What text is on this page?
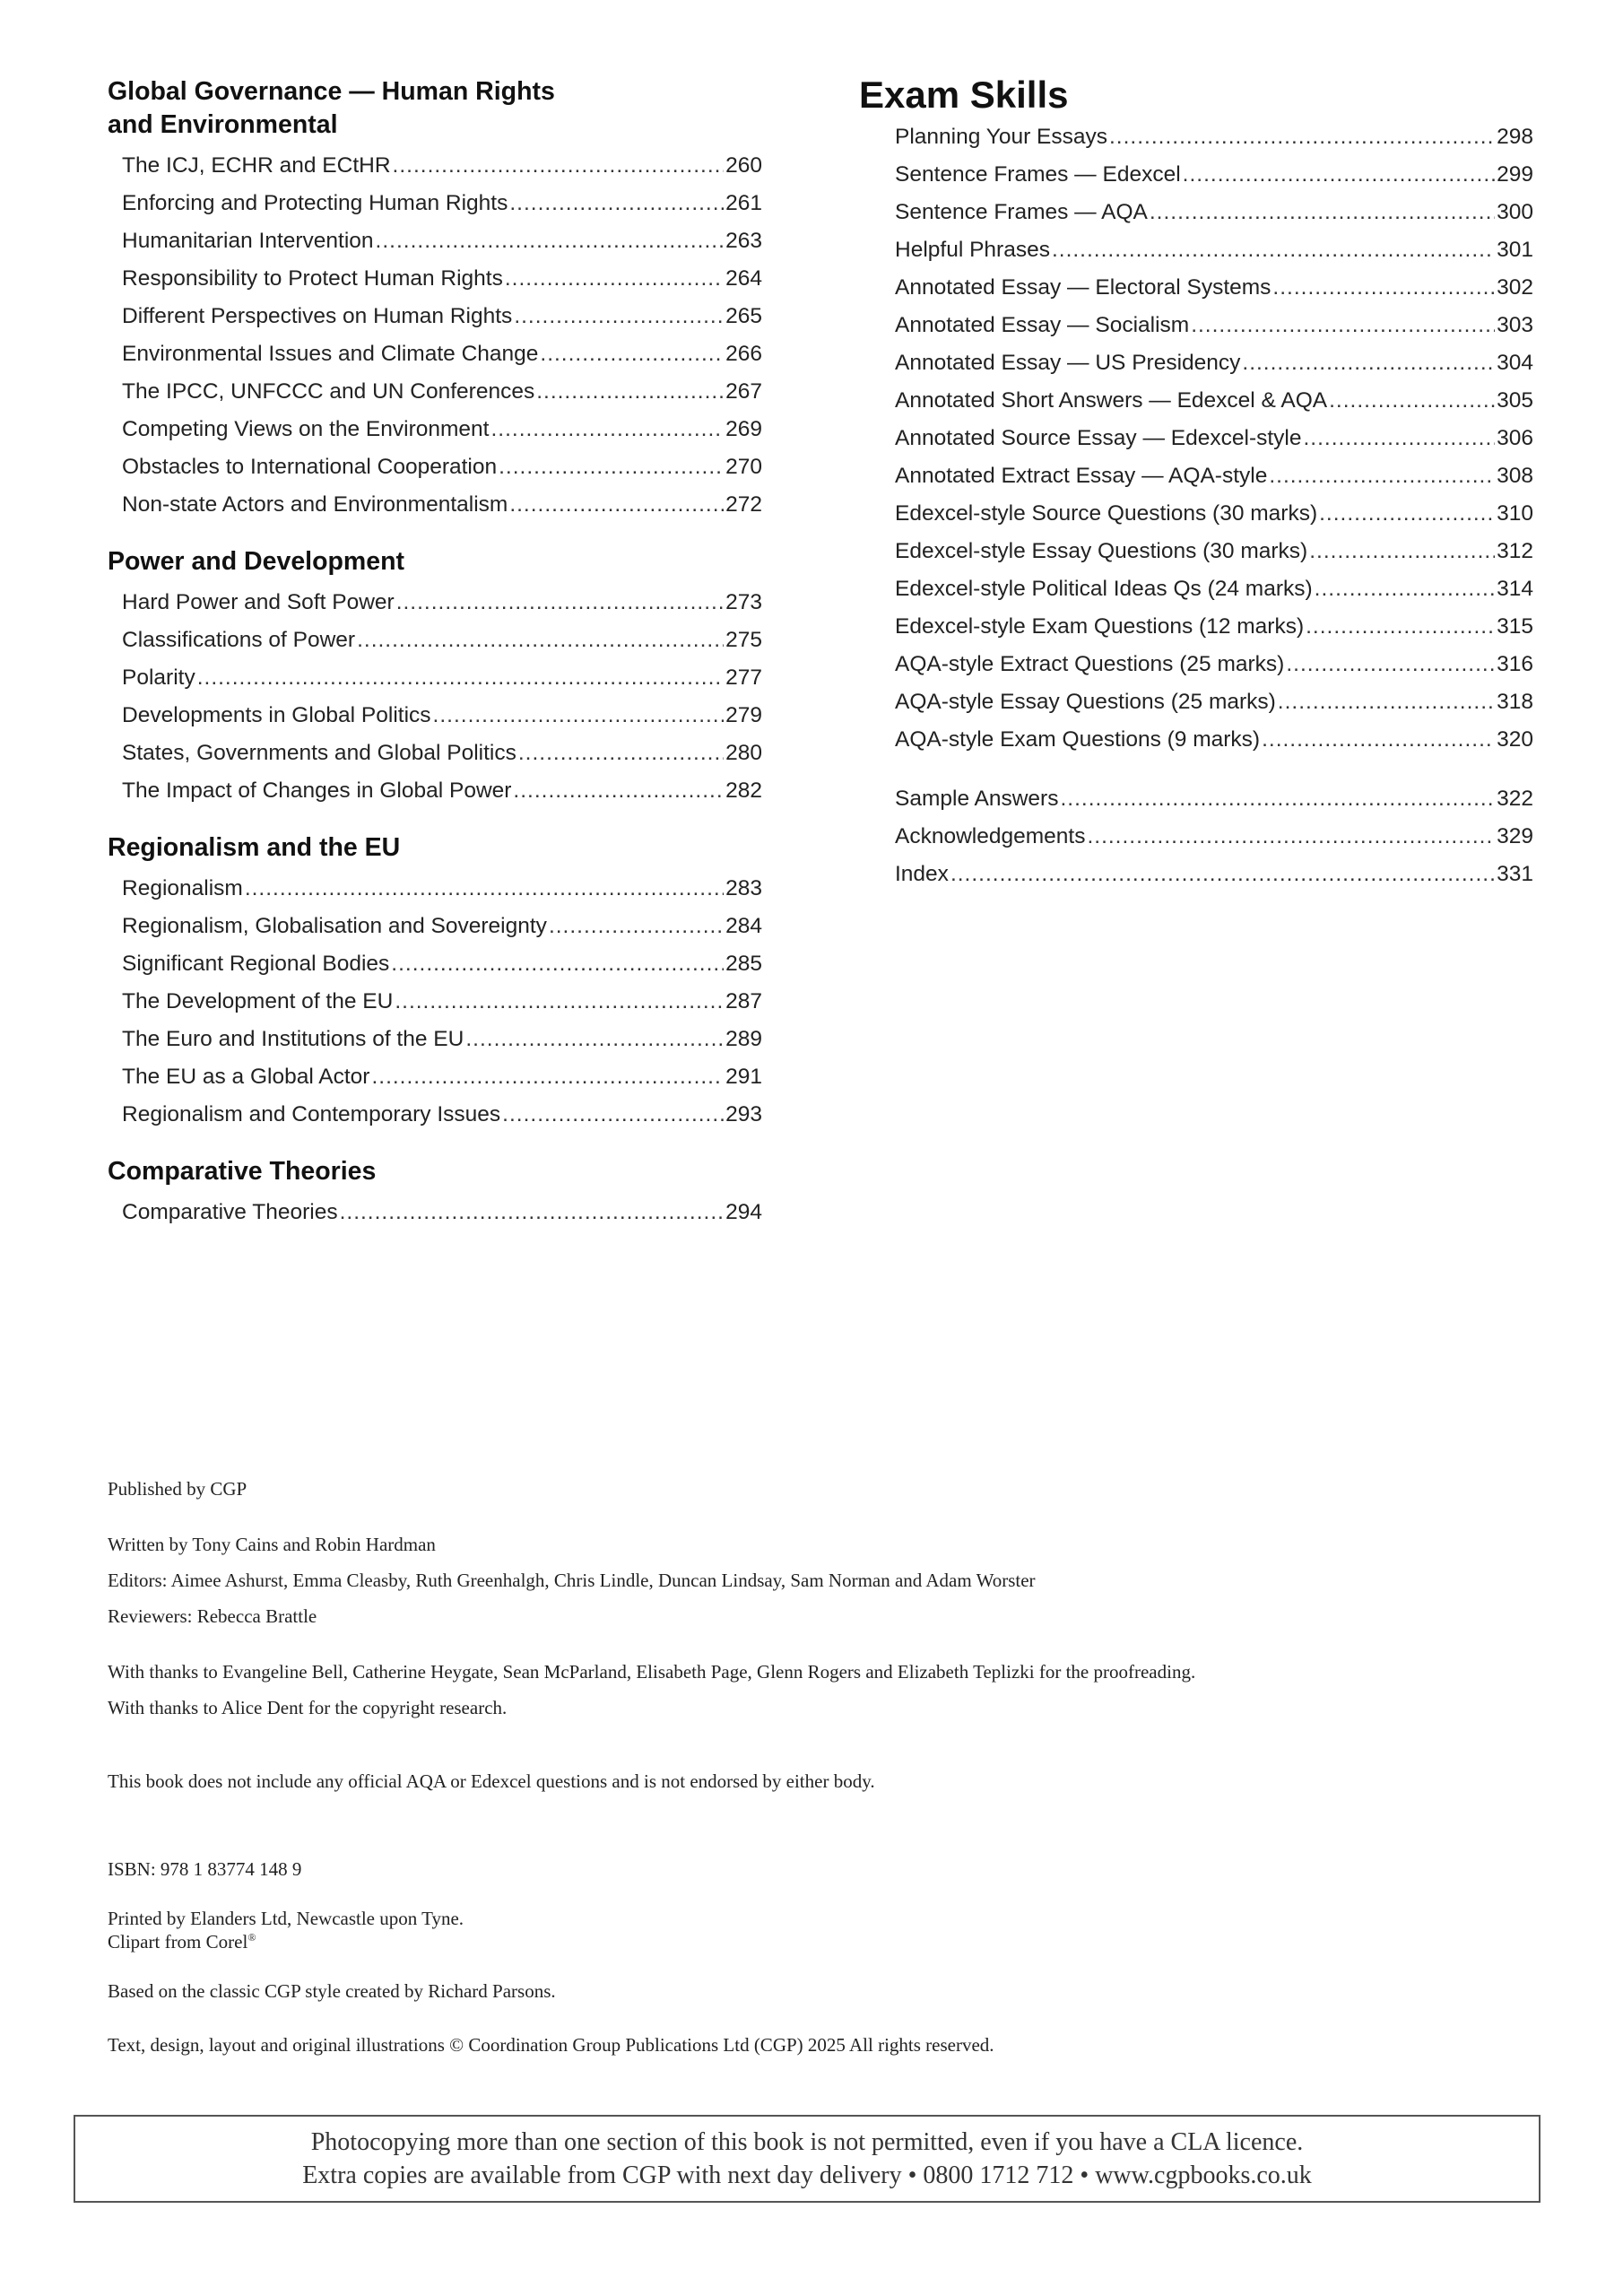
Global Governance — Human Rights
and Environmental
The ICJ, ECHR and ECtHR .....	260
Enforcing and Protecting Human Rights .....	261
Humanitarian Intervention .....	263
Responsibility to Protect Human Rights .....	264
Different Perspectives on Human Rights .....	265
Environmental Issues and Climate Change .....	266
The IPCC, UNFCCC and UN Conferences .....	267
Competing Views on the Environment .....	269
Obstacles to International Cooperation .....	270
Non-state Actors and Environmentalism .....	272
Power and Development
Hard Power and Soft Power .....	273
Classifications of Power .....	275
Polarity .....	277
Developments in Global Politics .....	279
States, Governments and Global Politics .....	280
The Impact of Changes in Global Power .....	282
Regionalism and the EU
Regionalism .....	283
Regionalism, Globalisation and Sovereignty .....	284
Significant Regional Bodies .....	285
The Development of the EU .....	287
The Euro and Institutions of the EU .....	289
The EU as a Global Actor .....	291
Regionalism and Contemporary Issues .....	293
Comparative Theories
Comparative Theories .....	294
Exam Skills
Planning Your Essays .....	298
Sentence Frames — Edexcel .....	299
Sentence Frames — AQA .....	300
Helpful Phrases .....	301
Annotated Essay — Electoral Systems .....	302
Annotated Essay — Socialism .....	303
Annotated Essay — US Presidency .....	304
Annotated Short Answers — Edexcel & AQA .....	305
Annotated Source Essay — Edexcel-style .....	306
Annotated Extract Essay — AQA-style .....	308
Edexcel-style Source Questions (30 marks) .....	310
Edexcel-style Essay Questions (30 marks) .....	312
Edexcel-style Political Ideas Qs (24 marks) .....	314
Edexcel-style Exam Questions (12 marks) .....	315
AQA-style Extract Questions (25 marks) .....	316
AQA-style Essay Questions (25 marks) .....	318
AQA-style Exam Questions (9 marks) .....	320
Sample Answers .....	322
Acknowledgements .....	329
Index .....	331

Published by CGP

Written by Tony Cains and Robin Hardman

Editors: Aimee Ashurst, Emma Cleasby, Ruth Greenhalgh, Chris Lindle, Duncan Lindsay, Sam Norman and Adam Worster

Reviewers: Rebecca Brattle

With thanks to Evangeline Bell, Catherine Heygate, Sean McParland, Elisabeth Page, Glenn Rogers and Elizabeth Teplizki for the proofreading.

With thanks to Alice Dent for the copyright research.

This book does not include any official AQA or Edexcel questions and is not endorsed by either body.

ISBN: 978 1 83774 148 9

Printed by Elanders Ltd, Newcastle upon Tyne.

Clipart from Corel®

Based on the classic CGP style created by Richard Parsons.

Text, design, layout and original illustrations © Coordination Group Publications Ltd (CGP) 2025 All rights reserved.

Photocopying more than one section of this book is not permitted, even if you have a CLA licence.
Extra copies are available from CGP with next day delivery • 0800 1712 712 • www.cgpbooks.co.uk
